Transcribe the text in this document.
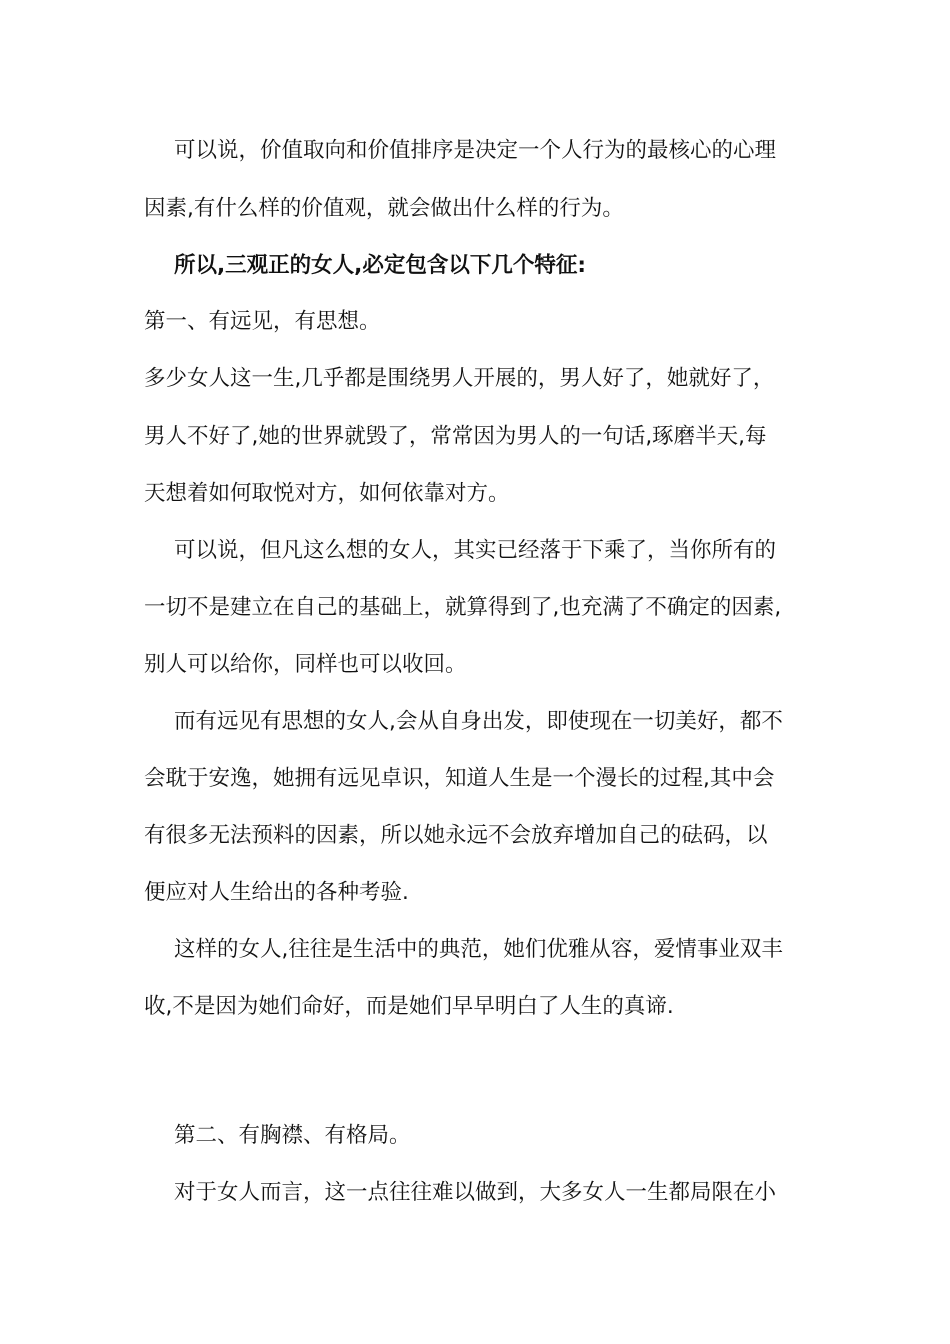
可以说，价值取向和价值排序是决定一个人行为的最核心的心理
因素,有什么样的价值观，就会做出什么样的行为。
所以,三观正的女人,必定包含以下几个特征:
第一、有远见，有思想。
多少女人这一生,几乎都是围绕男人开展的，男人好了，她就好了，
男人不好了,她的世界就毁了，常常因为男人的一句话,琢磨半天,每
天想着如何取悦对方，如何依靠对方。
可以说，但凡这么想的女人，其实已经落于下乘了，当你所有的
一切不是建立在自己的基础上，就算得到了,也充满了不确定的因素,
别人可以给你，同样也可以收回。
而有远见有思想的女人,会从自身出发，即使现在一切美好，都不
会耽于安逸，她拥有远见卓识，知道人生是一个漫长的过程,其中会
有很多无法预料的因素，所以她永远不会放弃增加自己的砝码，以
便应对人生给出的各种考验.
这样的女人,往往是生活中的典范，她们优雅从容，爱情事业双丰
收,不是因为她们命好，而是她们早早明白了人生的真谛.
第二、有胸襟、有格局。
对于女人而言，这一点往往难以做到，大多女人一生都局限在小
